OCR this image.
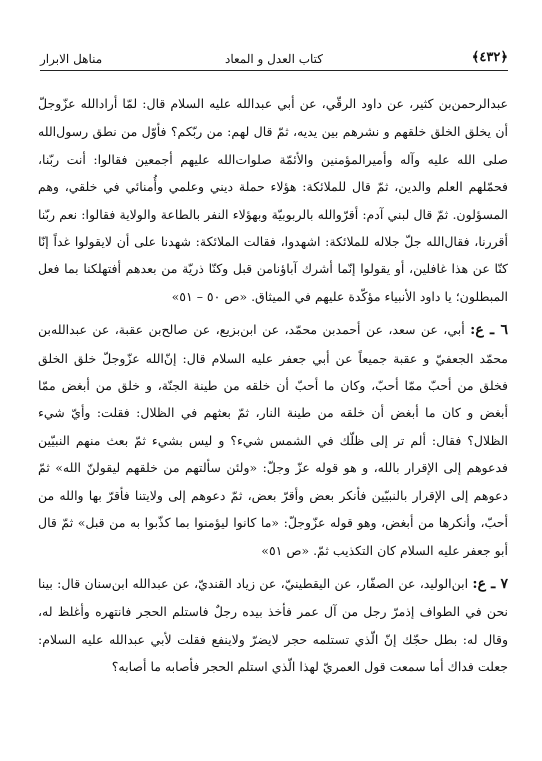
﴿٤٣٢﴾
كتاب العدل و المعاد
مناهل الابرار

عبدالرحمن‌بن كثير، عن داود الرقّي، عن أبي عبدالله عليه السلام قال: لمّا أرادالله عزّوجلّ أن يخلق الخلق خلقهم و نشرهم بين يديه، ثمّ قال لهم: من ربّكم؟ فأوّل من نطق رسول‌الله صلى الله عليه وآله وأميرالمؤمنين والأئمّة صلوات‌الله عليهم أجمعين فقالوا: أنت ربّنا، فحمّلهم العلم والدين، ثمّ قال للملائكة: هؤلاء حملة ديني وعلمي وأُمنائي في خلقي، وهم المسؤلون. ثمّ قال لبني آدم: أقرّوالله بالربوبيّة وبهؤلاء النفر بالطاعة والولاية فقالوا: نعم ربّنا أقررنا، فقال‌الله جلّ جلاله للملائكة: اشهدوا، فقالت الملائكة: شهدنا على أن لايقولوا غداً إنّا كنّا عن هذا غافلين، أو يقولوا إنّما أشرك آباؤنامن قبل وكنّا ذريّة من بعدهم أفتهلكنا بما فعل المبطلون؛ يا داود الأنبياء مؤكّدة عليهم في الميثاق. «ص ٥٠ – ٥١»

٦ ـ ع: أبي، عن سعد، عن أحمدبن محمّد، عن ابن‌بزيع، عن صالح‌بن عقبة، عن عبدالله‌بن محمّد الجعفيّ و عقبة جميعاً عن أبي جعفر عليه السلام قال: إنّ‌الله عزّوجلّ خلق الخلق فخلق من أحبّ ممّا أحبّ، وكان ما أحبّ أن خلقه من طينة الجنّة، و خلق من أبغض ممّا أبغض و كان ما أبغض أن خلقه من طينة النار، ثمّ بعثهم في الظلال: فقلت: وأيّ شيء الظلال؟ فقال: ألم تر إلى ظلّك في الشمس شيء؟ و ليس بشيء ثمّ بعث منهم النبيّين فدعوهم إلى الإقرار بالله، و هو قوله عزّ وجلّ: «ولئن سألتهم من خلقهم ليقولنّ الله» ثمّ دعوهم إلى الإقرار بالنبيّين فأنكر بعض وأقرّ بعض، ثمّ دعوهم إلى ولايتنا فأقرّ بها والله من أحبّ، وأنكرها من أبغض، وهو قوله عزّوجلّ: «ما كانوا ليؤمنوا بما كذّبوا به من قبل» ثمّ قال أبو جعفر عليه السلام كان التكذيب ثمّ. «ص ٥١»

٧ ـ ع: ابن‌الوليد، عن الصفّار، عن اليقطينيّ، عن زياد القنديّ، عن عبدالله ابن‌سنان قال: بينا نحن في الطواف إذمرّ رجل من آل عمر فأخذ بيده رجلٌ فاستلم الحجر فانتهره وأغلظ له، وقال له: بطل حجّك إنّ الّذي تستلمه حجر لايضرّ ولاينفع فقلت لأبي عبدالله عليه السلام: جعلت فداك أما سمعت قول العمريّ لهذا الّذي استلم الحجر فأصابه ما أصابه؟
